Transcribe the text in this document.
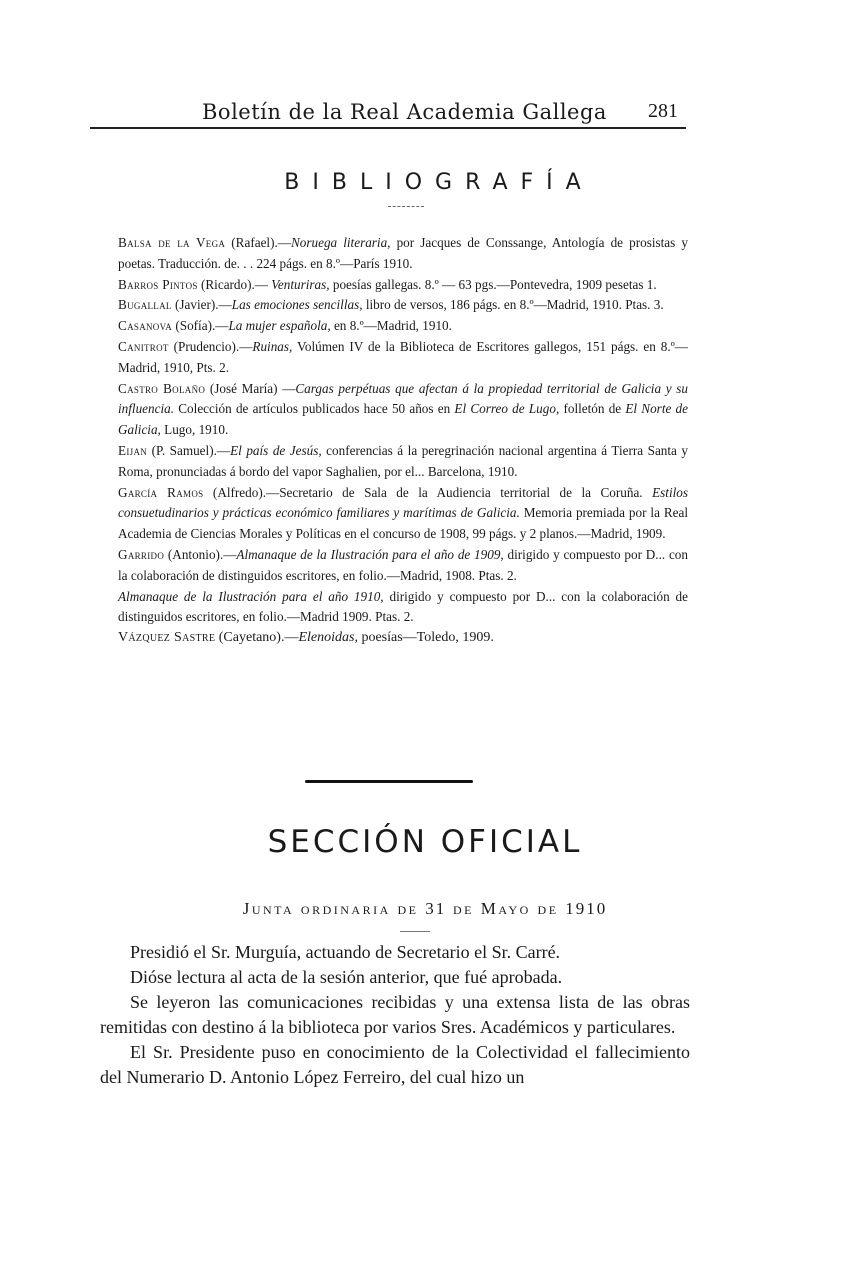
Boletín de la Real Academia Gallega 281
BIBLIOGRAFÍA

Balsa de la Vega (Rafael).—Noruega literaria, por Jacques de Conssange, Antología de prosistas y poetas. Traducción. de. . . 224 págs. en 8.º—París 1910.

Barros Pintos (Ricardo).— Venturiras, poesías gallegas. 8.º — 63 pgs.—Pontevedra, 1909 pesetas 1.

Bugallal (Javier).—Las emociones sencillas, libro de versos, 186 págs. en 8.º—Madrid, 1910. Ptas. 3.

Casanova (Sofía).—La mujer española, en 8.º—Madrid, 1910.

Canitrot (Prudencio).—Ruinas, Volúmen IV de la Biblioteca de Escritores gallegos, 151 págs. en 8.º—Madrid, 1910, Pts. 2.

Castro Bolaño (José María) —Cargas perpétuas que afectan á la propiedad territorial de Galicia y su influencia. Colección de artículos publicados hace 50 años en El Correo de Lugo, folletón de El Norte de Galicia, Lugo, 1910.

Eijan (P. Samuel).—El país de Jesús, conferencias á la peregrinación nacional argentina á Tierra Santa y Roma, pronunciadas á bordo del vapor Saghalien, por el... Barcelona, 1910.

García Ramos (Alfredo).—Secretario de Sala de la Audiencia territorial de la Coruña. Estilos consuetudinarios y prácticas económico familiares y marítimas de Galicia. Memoria premiada por la Real Academia de Ciencias Morales y Políticas en el concurso de 1908, 99 págs. y 2 planos.—Madrid, 1909.

Garrido (Antonio).—Almanaque de la Ilustración para el año de 1909, dirigido y compuesto por D... con la colaboración de distinguidos escritores, en folio.—Madrid, 1908. Ptas. 2.

Almanaque de la Ilustración para el año 1910, dirigido y compuesto por D... con la colaboración de distinguidos escritores, en folio.—Madrid 1909. Ptas. 2.

Vázquez Sastre (Cayetano).—Elenoidas, poesías—Toledo, 1909.

SECCIÓN OFICIAL
Junta ordinaria de 31 de Mayo de 1910

Presidió el Sr. Murguía, actuando de Secretario el Sr. Carré.

Dióse lectura al acta de la sesión anterior, que fué aprobada.

Se leyeron las comunicaciones recibidas y una extensa lista de las obras remitidas con destino á la biblioteca por varios Sres. Académicos y particulares.

El Sr. Presidente puso en conocimiento de la Colectividad el fallecimiento del Numerario D. Antonio López Ferreiro, del cual hizo un
